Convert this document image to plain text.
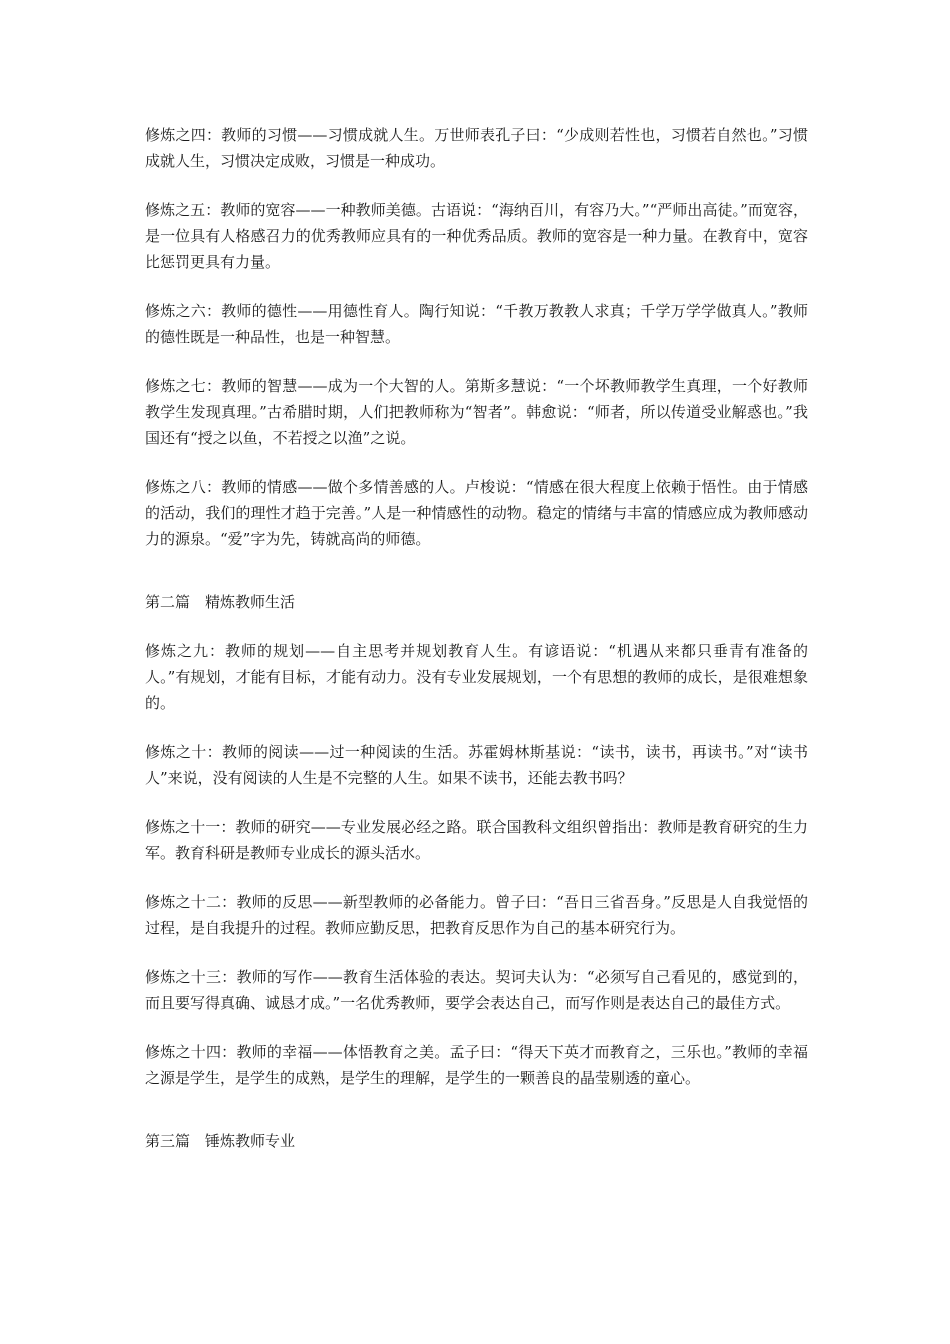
修炼之四：教师的习惯——习惯成就人生。万世师表孔子曰：“少成则若性也，习惯若自然也。”习惯成就人生，习惯决定成败，习惯是一种成功。

修炼之五：教师的宽容——一种教师美德。古语说：“海纳百川，有容乃大。”“严师出高徒。”而宽容，是一位具有人格感召力的优秀教师应具有的一种优秀品质。教师的宽容是一种力量。在教育中，宽容比惩罚更具有力量。

修炼之六：教师的德性——用德性育人。陶行知说：“千教万教教人求真；千学万学学做真人。”教师的德性既是一种品性，也是一种智慧。

修炼之七：教师的智慧——成为一个大智的人。第斯多慧说：“一个坏教师教学生真理，一个好教师教学生发现真理。”古希腊时期，人们把教师称为“智者”。韩愈说：“师者，所以传道受业解惑也。”我国还有“授之以鱼，不若授之以渔”之说。

修炼之八：教师的情感——做个多情善感的人。卢梭说：“情感在很大程度上依赖于悟性。由于情感的活动，我们的理性才趋于完善。”人是一种情感性的动物。稳定的情绪与丰富的情感应成为教师感动力的源泉。“爱”字为先，铸就高尚的师德。

第二篇　精炼教师生活

修炼之九：教师的规划——自主思考并规划教育人生。有谚语说：“机遇从来都只垂青有准备的人。”有规划，才能有目标，才能有动力。没有专业发展规划，一个有思想的教师的成长，是很难想象的。

修炼之十：教师的阅读——过一种阅读的生活。苏霍姆林斯基说：“读书，读书，再读书。”对“读书人”来说，没有阅读的人生是不完整的人生。如果不读书，还能去教书吗？

修炼之十一：教师的研究——专业发展必经之路。联合国教科文组织曾指出：教师是教育研究的生力军。教育科研是教师专业成长的源头活水。

修炼之十二：教师的反思——新型教师的必备能力。曾子曰：“吾日三省吾身。”反思是人自我觉悟的过程，是自我提升的过程。教师应勤反思，把教育反思作为自己的基本研究行为。

修炼之十三：教师的写作——教育生活体验的表达。契诃夫认为：“必须写自己看见的，感觉到的，而且要写得真确、诚恳才成。”一名优秀教师，要学会表达自己，而写作则是表达自己的最佳方式。

修炼之十四：教师的幸福——体悟教育之美。孟子曰：“得天下英才而教育之，三乐也。”教师的幸福之源是学生，是学生的成熟，是学生的理解，是学生的一颗善良的晶莹剔透的童心。

第三篇　锤炼教师专业
